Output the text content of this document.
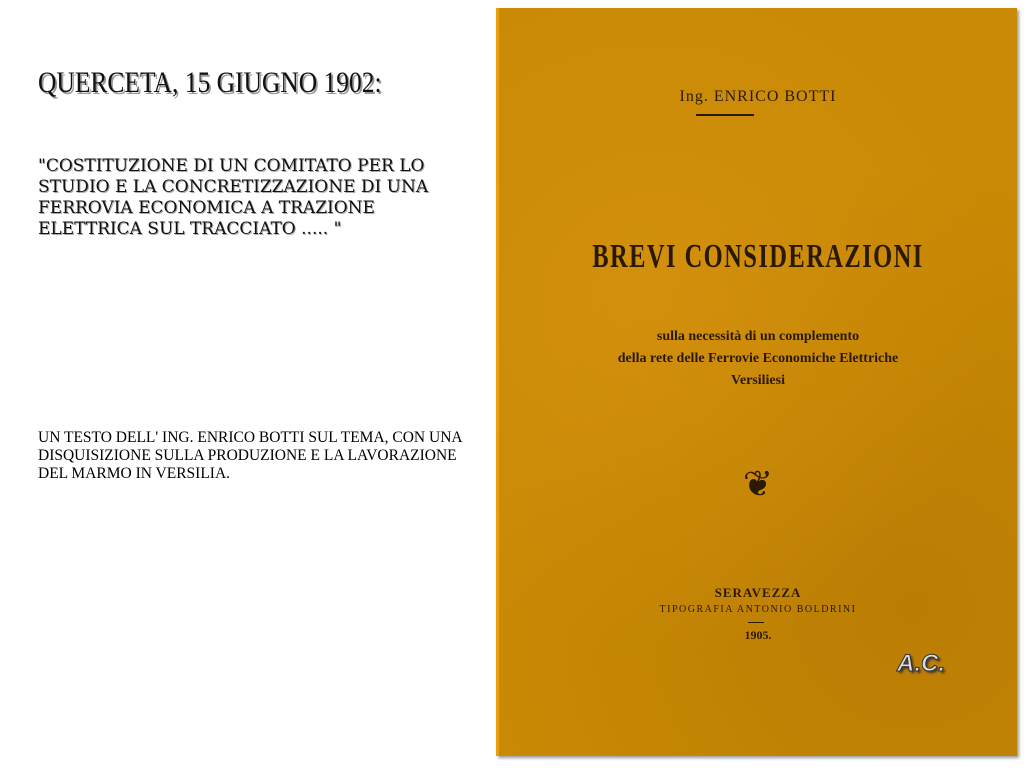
QUERCETA, 15 GIUGNO 1902:
"COSTITUZIONE DI UN COMITATO PER LO STUDIO E LA CONCRETIZZAZIONE DI UNA FERROVIA ECONOMICA A TRAZIONE ELETTRICA SUL TRACCIATO ..... "
UN TESTO DELL' ING. ENRICO BOTTI SUL TEMA, CON UNA DISQUISIZIONE SULLA PRODUZIONE E LA LAVORAZIONE DEL MARMO IN VERSILIA.
Ing. ENRICO BOTTI
BREVI CONSIDERAZIONI
sulla necessità di un complemento
della rete delle Ferrovie Economiche Elettriche
Versiliesi
❦
SERAVEZZA
TIPOGRAFIA ANTONIO BOLDRINI
1905.
A.C.
